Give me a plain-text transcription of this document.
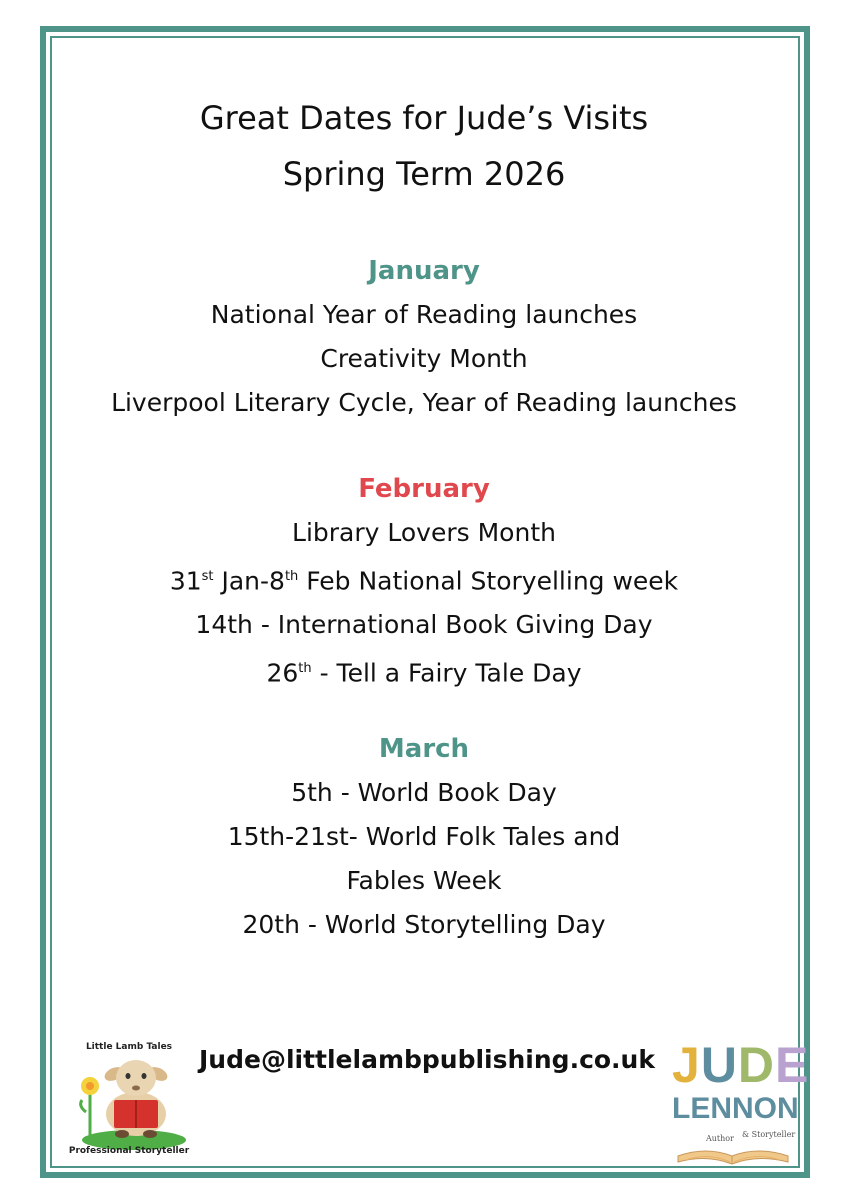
Great Dates for Jude’s Visits
Spring Term 2026
January
National Year of Reading launches
Creativity Month
Liverpool Literary Cycle, Year of Reading launches
February
Library Lovers Month
31st Jan-8th Feb National Storyelling week
14th - International Book Giving Day
26th - Tell a Fairy Tale Day
March
5th - World Book Day
15th-21st- World Folk Tales and
Fables Week
20th - World Storytelling Day
Jude@littlelambpublishing.co.uk
Little Lamb Tales
Professional Storyteller
JUDE
LENNON
Author & Storyteller
